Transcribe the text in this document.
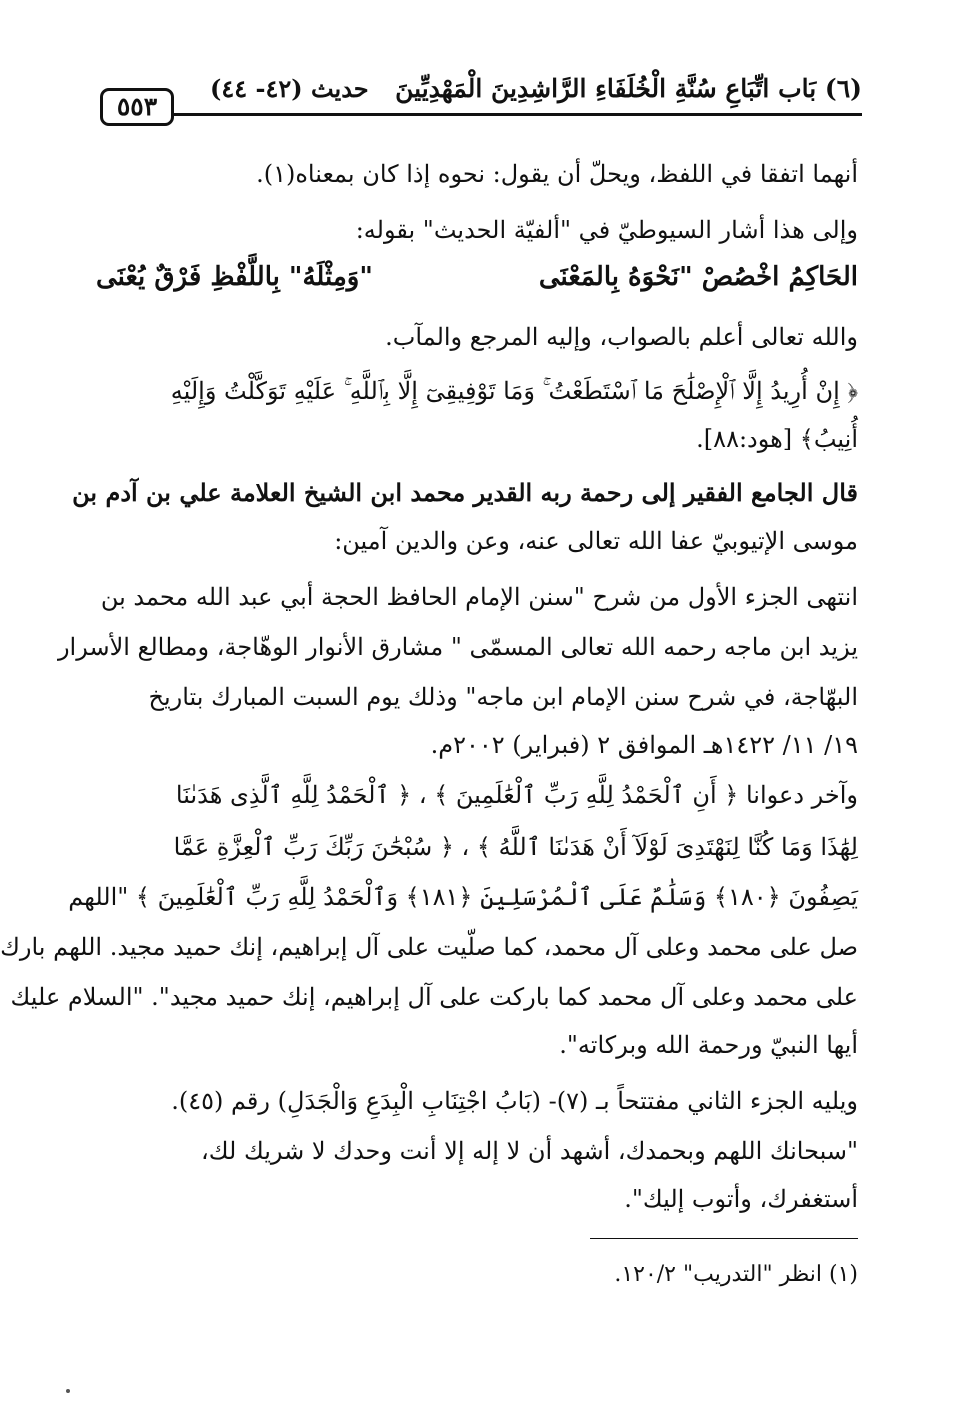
(٦) بَاب اتِّبَاعِ سُنَّةِ الْخُلَفَاءِ الرَّاشِدِينَ الْمَهْدِيِّينَ
حديث (٤٢- ٤٤)
٥٥٣
أنهما اتفقا في اللفظ، ويحلّ أن يقول: نحوه إذا كان بمعناه(١).
وإلى هذا أشار السيوطيّ في "ألفيّة الحديث" بقوله:
الحَاكِمُ اخْصُصْ "نَحْوَهُ بِالمَعْنَى
"وَمِثْلَهُ" بِاللَّفْظِ فَرْقٌ يُعْنَى
والله تعالى أعلم بالصواب، وإليه المرجع والمآب.
﴿ إِنْ أُرِيدُ إِلَّا ٱلْإِصْلَٰحَ مَا ٱسْتَطَعْتُ ۚ وَمَا تَوْفِيقِىٓ إِلَّا بِٱللَّهِ ۚ عَلَيْهِ تَوَكَّلْتُ وَإِلَيْهِ
أُنِيبُ﴾ [هود:٨٨].
قال الجامع الفقير إلى رحمة ربه القدير محمد ابن الشيخ العلامة علي بن آدم بن
موسى الإتيوبيّ عفا الله تعالى عنه، وعن والدين آمين:
انتهى الجزء الأول من شرح "سنن الإمام الحافظ الحجة أبي عبد الله محمد بن
يزيد ابن ماجه رحمه الله تعالى المسمّى " مشارق الأنوار الوهّاجة، ومطالع الأسرار
البهّاجة، في شرح سنن الإمام ابن ماجه" وذلك يوم السبت المبارك بتاريخ
١٩/ ١١/ ١٤٢٢هـ الموافق ٢ (فبراير) ٢٠٠٢م.
وآخر دعوانا ﴿ أَنِ ٱلْحَمْدُ لِلَّهِ رَبِّ ٱلْعَٰلَمِينَ ﴾ ، ﴿ ٱلْحَمْدُ لِلَّهِ ٱلَّذِى هَدَىٰنَا
لِهَٰذَا وَمَا كُنَّا لِنَهْتَدِىَ لَوْلَآ أَنْ هَدَىٰنَا ٱللَّهُ ﴾ ، ﴿ سُبْحَٰنَ رَبِّكَ رَبِّ ٱلْعِزَّةِ عَمَّا
يَصِفُونَ ﴿١٨٠﴾ وَسَلَٰمٌ عَلَى ٱلْمُرْسَلِينَ ﴿١٨١﴾ وَٱلْحَمْدُ لِلَّهِ رَبِّ ٱلْعَٰلَمِينَ ﴾ "اللهم
صل على محمد وعلى آل محمد، كما صلّيت على آل إبراهيم، إنك حميد مجيد. اللهم بارك
على محمد وعلى آل محمد كما باركت على آل إبراهيم، إنك حميد مجيد". "السلام عليك
أيها النبيّ ورحمة الله وبركاته".
ويليه الجزء الثاني مفتتحاً بـ (٧)- (بَابُ اجْتِنَابِ الْبِدَعِ وَالْجَدَلِ) رقم (٤٥).
"سبحانك اللهم وبحمدك، أشهد أن لا إله إلا أنت وحدك لا شريك لك،
أستغفرك، وأتوب إليك".
(١) انظر "التدريب" ١٢٠/٢.
